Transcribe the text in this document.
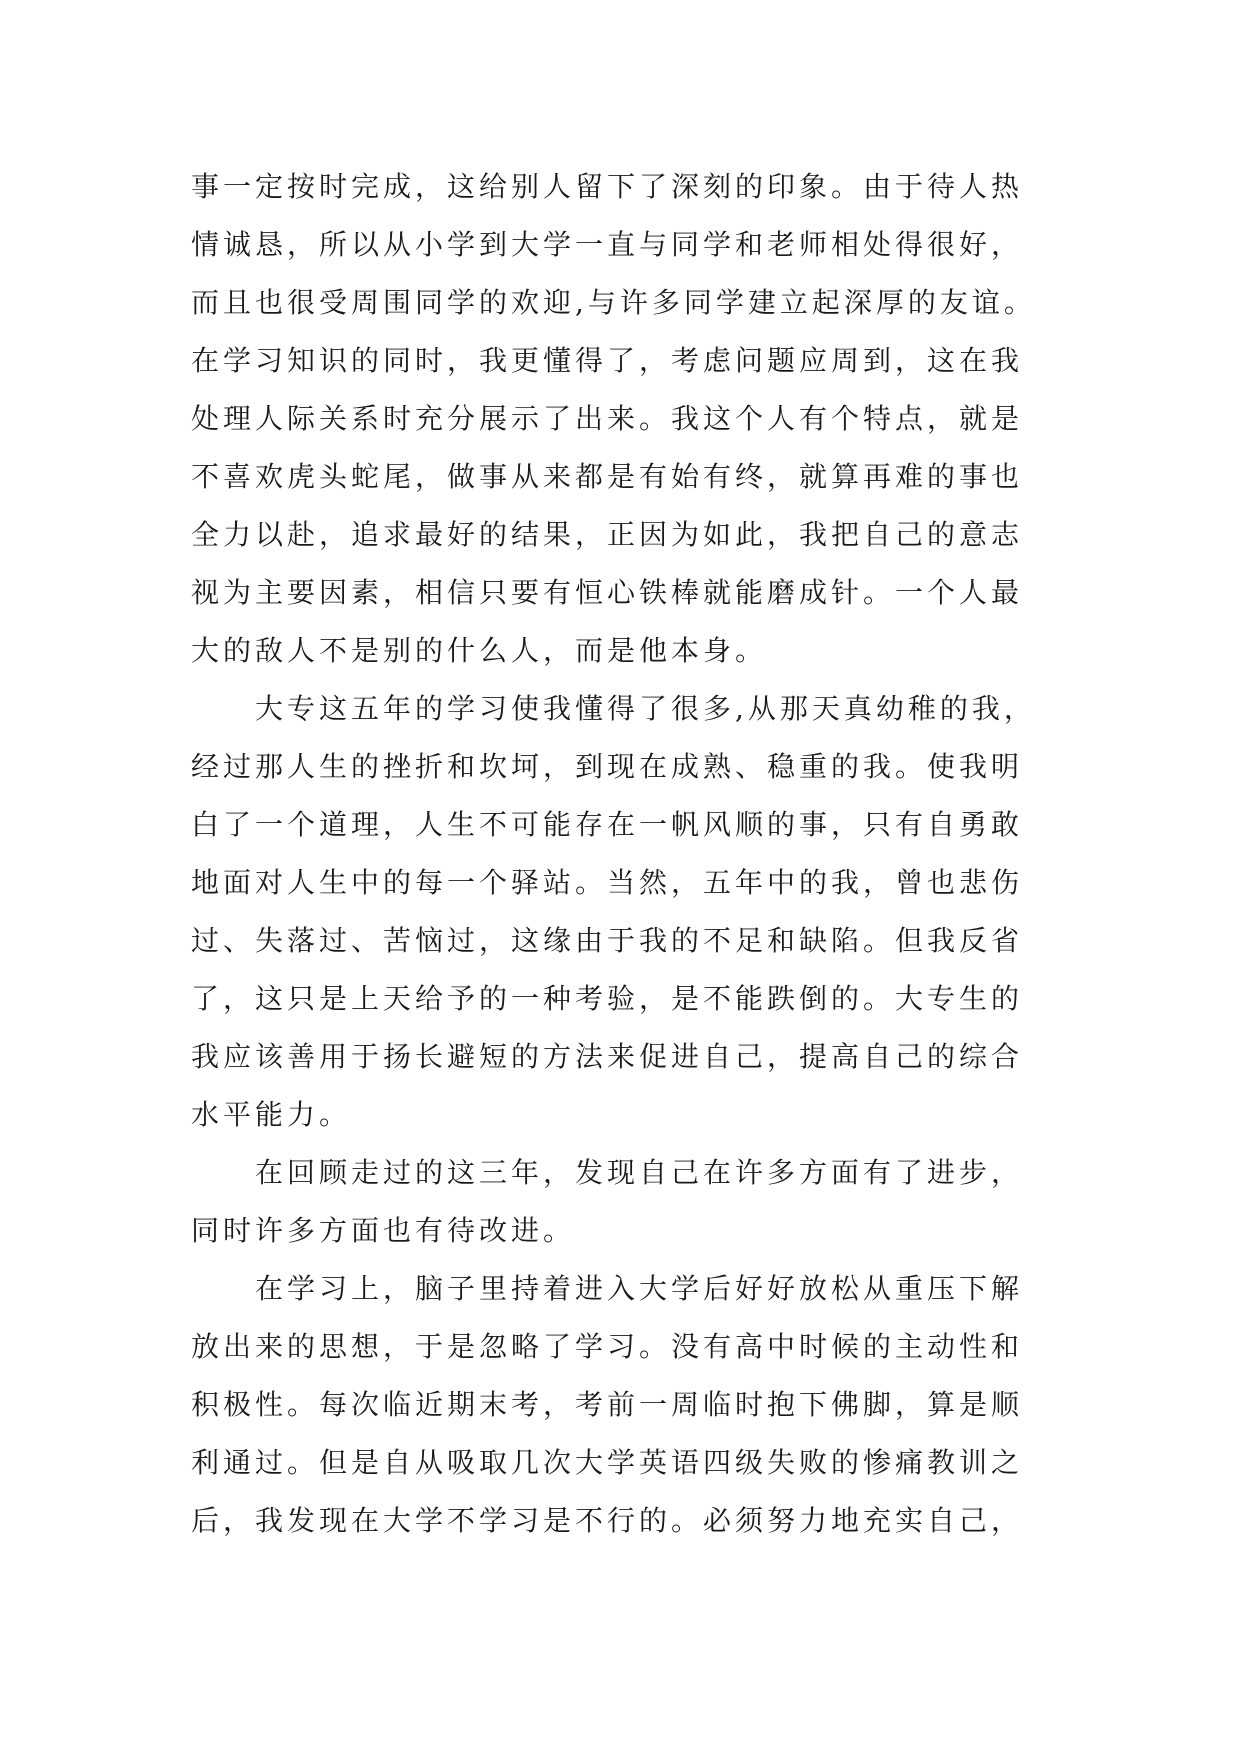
事一定按时完成，这给别人留下了深刻的印象。由于待人热
情诚恳，所以从小学到大学一直与同学和老师相处得很好，
而且也很受周围同学的欢迎,与许多同学建立起深厚的友谊。
在学习知识的同时，我更懂得了，考虑问题应周到，这在我
处理人际关系时充分展示了出来。我这个人有个特点，就是
不喜欢虎头蛇尾，做事从来都是有始有终，就算再难的事也
全力以赴，追求最好的结果，正因为如此，我把自己的意志
视为主要因素，相信只要有恒心铁棒就能磨成针。一个人最
大的敌人不是别的什么人，而是他本身。
　　大专这五年的学习使我懂得了很多,从那天真幼稚的我，
经过那人生的挫折和坎坷，到现在成熟、稳重的我。使我明
白了一个道理，人生不可能存在一帆风顺的事，只有自勇敢
地面对人生中的每一个驿站。当然，五年中的我，曾也悲伤
过、失落过、苦恼过，这缘由于我的不足和缺陷。但我反省
了，这只是上天给予的一种考验，是不能跌倒的。大专生的
我应该善用于扬长避短的方法来促进自己，提高自己的综合
水平能力。
　　在回顾走过的这三年，发现自己在许多方面有了进步，
同时许多方面也有待改进。
　　在学习上，脑子里持着进入大学后好好放松从重压下解
放出来的思想，于是忽略了学习。没有高中时候的主动性和
积极性。每次临近期末考，考前一周临时抱下佛脚，算是顺
利通过。但是自从吸取几次大学英语四级失败的惨痛教训之
后，我发现在大学不学习是不行的。必须努力地充实自己，
